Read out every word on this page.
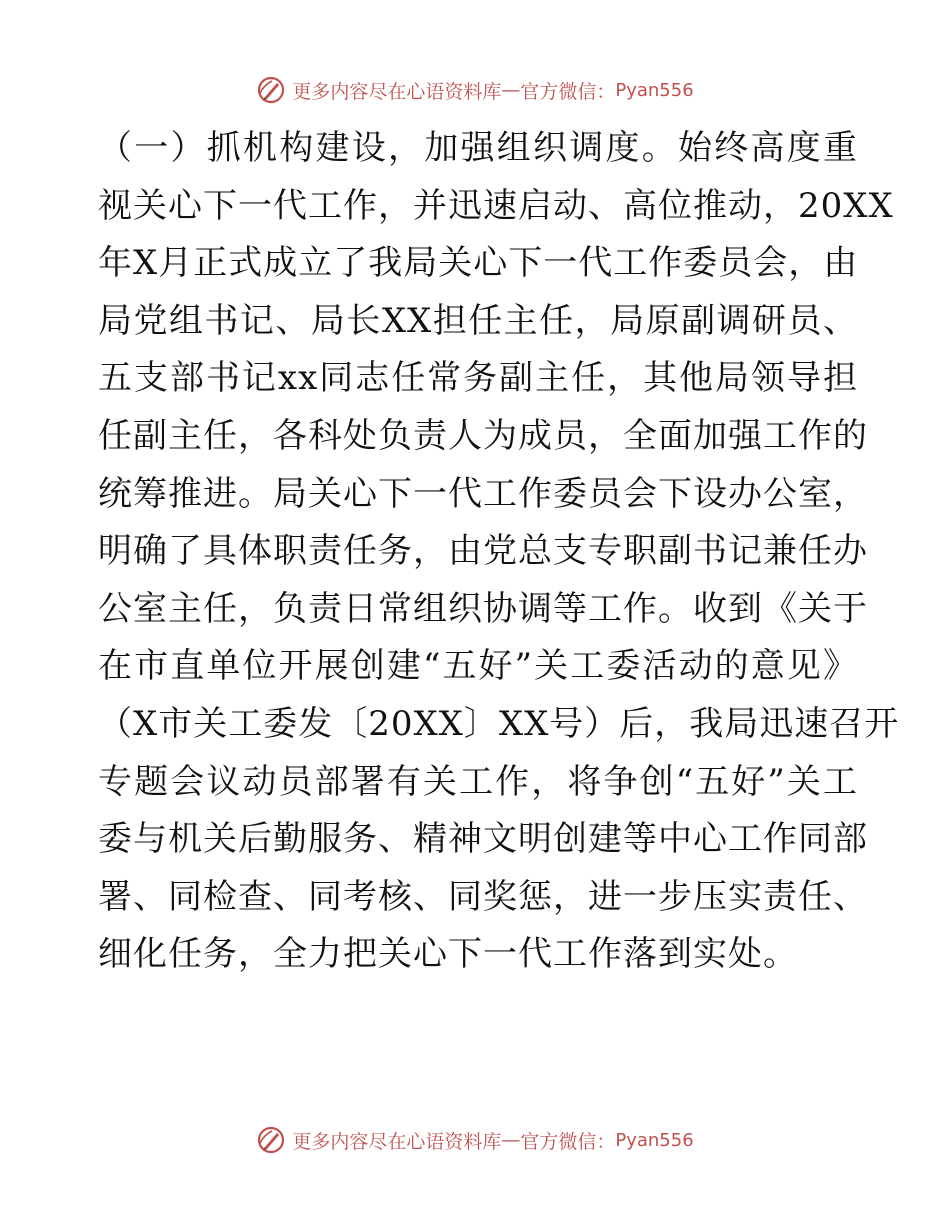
更多内容尽在心语资料库 — 官方微信： Pyan556
（一）抓机构建设，加强组织调度。始终高度重
视关心下一代工作，并迅速启动、高位推动，20XX
年X月正式成立了我局关心下一代工作委员会，由
局党组书记、局长XX担任主任，局原副调研员、
五支部书记xx同志任常务副主任，其他局领导担
任副主任，各科处负责人为成员，全面加强工作的
统筹推进。局关心下一代工作委员会下设办公室，
明确了具体职责任务，由党总支专职副书记兼任办
公室主任，负责日常组织协调等工作。收到《关于
在市直单位开展创建“五好”关工委活动的意见》
（X市关工委发〔20XX〕XX号）后，我局迅速召开
专题会议动员部署有关工作，将争创“五好”关工
委与机关后勤服务、精神文明创建等中心工作同部
署、同检查、同考核、同奖惩，进一步压实责任、
细化任务，全力把关心下一代工作落到实处。
更多内容尽在心语资料库 — 官方微信： Pyan556
